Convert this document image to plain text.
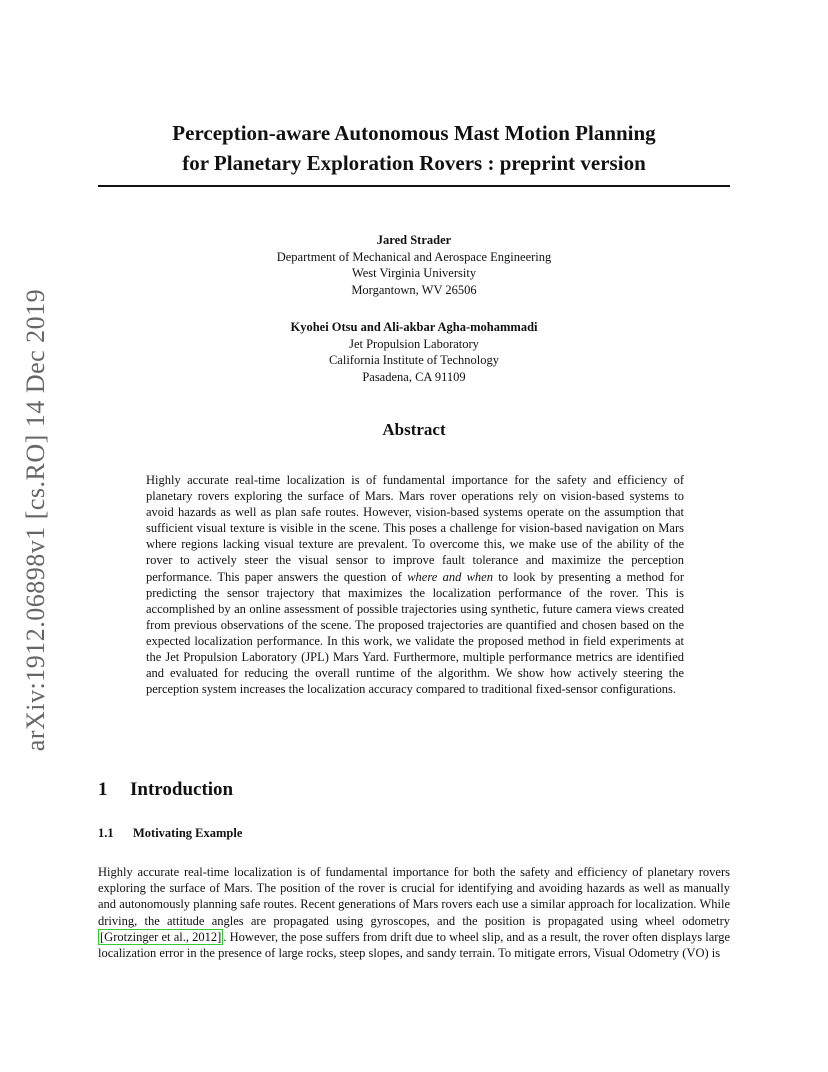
arXiv:1912.06898v1 [cs.RO] 14 Dec 2019
Perception-aware Autonomous Mast Motion Planning
for Planetary Exploration Rovers : preprint version
Jared Strader
Department of Mechanical and Aerospace Engineering
West Virginia University
Morgantown, WV 26506
Kyohei Otsu and Ali-akbar Agha-mohammadi
Jet Propulsion Laboratory
California Institute of Technology
Pasadena, CA 91109
Abstract
Highly accurate real-time localization is of fundamental importance for the safety and efficiency of planetary rovers exploring the surface of Mars. Mars rover operations rely on vision-based systems to avoid hazards as well as plan safe routes. However, vision-based systems operate on the assumption that sufficient visual texture is visible in the scene. This poses a challenge for vision-based navigation on Mars where regions lacking visual texture are prevalent. To overcome this, we make use of the ability of the rover to actively steer the visual sensor to improve fault tolerance and maximize the perception performance. This paper answers the question of where and when to look by presenting a method for predicting the sensor trajectory that maximizes the localization performance of the rover. This is accomplished by an online assessment of possible trajectories using synthetic, future camera views created from previous observations of the scene. The proposed trajectories are quantified and chosen based on the expected localization performance. In this work, we validate the proposed method in field experiments at the Jet Propulsion Laboratory (JPL) Mars Yard. Furthermore, multiple performance metrics are identified and evaluated for reducing the overall runtime of the algorithm. We show how actively steering the perception system increases the localization accuracy compared to traditional fixed-sensor configurations.
1 Introduction
1.1 Motivating Example
Highly accurate real-time localization is of fundamental importance for both the safety and efficiency of planetary rovers exploring the surface of Mars. The position of the rover is crucial for identifying and avoiding hazards as well as manually and autonomously planning safe routes. Recent generations of Mars rovers each use a similar approach for localization. While driving, the attitude angles are propagated using gyroscopes, and the position is propagated using wheel odometry [Grotzinger et al., 2012] . However, the pose suffers from drift due to wheel slip, and as a result, the rover often displays large localization error in the presence of large rocks, steep slopes, and sandy terrain. To mitigate errors, Visual Odometry (VO) is
